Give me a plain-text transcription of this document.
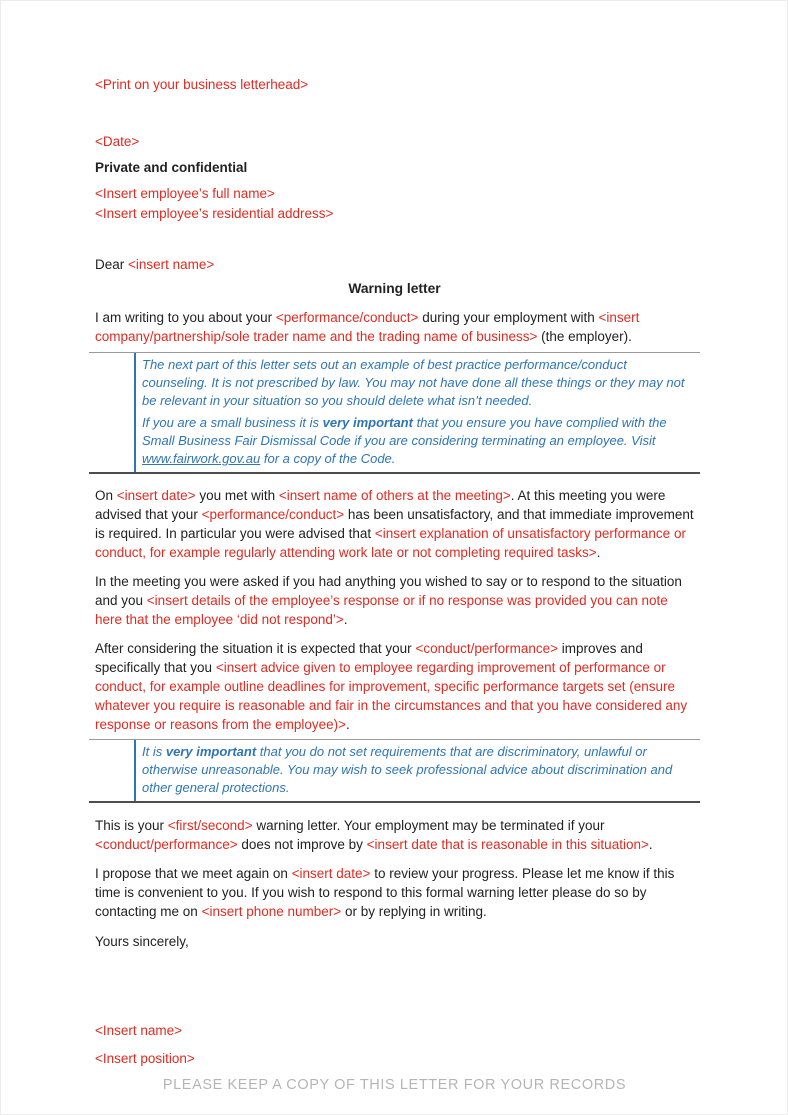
<Print on your business letterhead>

<Date>

Private and confidential

<Insert employee’s full name>

<Insert employee’s residential address>

Dear <insert name>

Warning letter

I am writing to you about your <performance/conduct> during your employment with <insert company/partnership/sole trader name and the trading name of business> (the employer).

The next part of this letter sets out an example of best practice performance/conduct counseling. It is not prescribed by law. You may not have done all these things or they may not be relevant in your situation so you should delete what isn’t needed.

If you are a small business it is very important that you ensure you have complied with the Small Business Fair Dismissal Code if you are considering terminating an employee. Visit www.fairwork.gov.au for a copy of the Code.

On <insert date> you met with <insert name of others at the meeting>. At this meeting you were advised that your <performance/conduct> has been unsatisfactory, and that immediate improvement is required. In particular you were advised that <insert explanation of unsatisfactory performance or conduct, for example regularly attending work late or not completing required tasks>.

In the meeting you were asked if you had anything you wished to say or to respond to the situation and you <insert details of the employee’s response or if no response was provided you can note here that the employee ‘did not respond’>.

After considering the situation it is expected that your <conduct/performance> improves and specifically that you <insert advice given to employee regarding improvement of performance or conduct, for example outline deadlines for improvement, specific performance targets set (ensure whatever you require is reasonable and fair in the circumstances and that you have considered any response or reasons from the employee)>.

It is very important that you do not set requirements that are discriminatory, unlawful or otherwise unreasonable. You may wish to seek professional advice about discrimination and other general protections.

This is your <first/second> warning letter. Your employment may be terminated if your <conduct/performance> does not improve by <insert date that is reasonable in this situation>.

I propose that we meet again on <insert date> to review your progress. Please let me know if this time is convenient to you. If you wish to respond to this formal warning letter please do so by contacting me on <insert phone number> or by replying in writing.

Yours sincerely,

<Insert name>

<Insert position>

PLEASE KEEP A COPY OF THIS LETTER FOR YOUR RECORDS
